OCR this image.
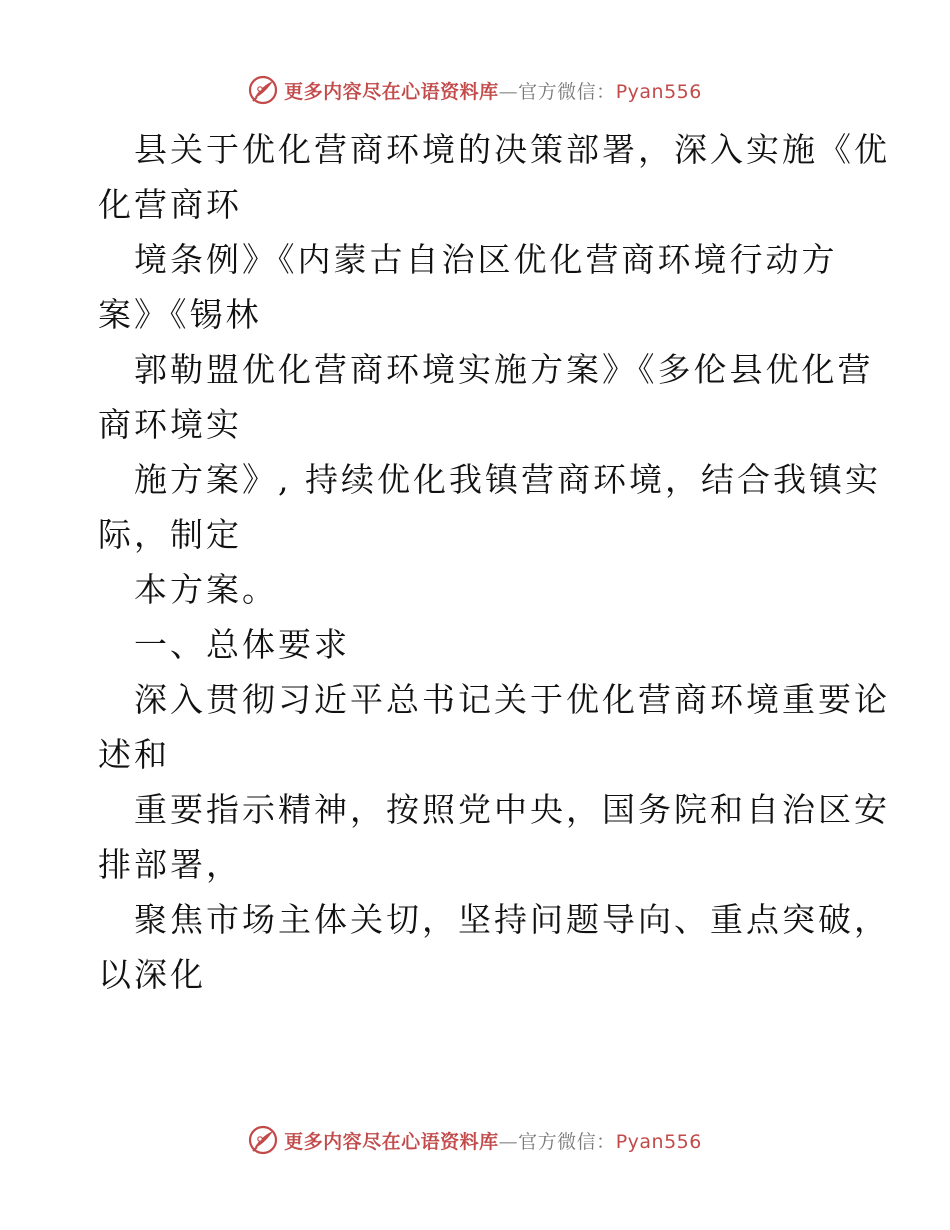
更多内容尽在心语资料库—官方微信：Pyan556

县关于优化营商环境的决策部署，深入实施《优
化营商环

境条例》《内蒙古自治区优化营商环境行动方
案》《锡林

郭勒盟优化营商环境实施方案》《多伦县优化营
商环境实

施方案》, 持续优化我镇营商环境，结合我镇实
际，制定

本方案。

一、总体要求

深入贯彻习近平总书记关于优化营商环境重要论
述和

重要指示精神，按照党中央，国务院和自治区安
排部署，

聚焦市场主体关切，坚持问题导向、重点突破，
以深化

更多内容尽在心语资料库—官方微信：Pyan556
